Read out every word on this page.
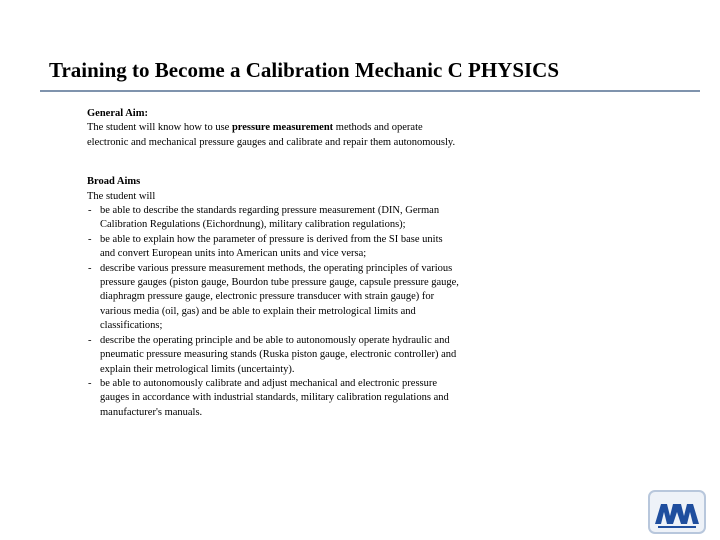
Training to Become a Calibration Mechanic C PHYSICS
General Aim:
The student will know how to use pressure measurement methods and operate
electronic and mechanical pressure gauges and calibrate and repair them autonomously.
Broad Aims
The student will
- be able to describe the standards regarding pressure measurement (DIN, German
Calibration Regulations (Eichordnung), military calibration regulations);
- be able to explain how the parameter of pressure is derived from the SI base units
and convert European units into American units and vice versa;
- describe various pressure measurement methods, the operating principles of various
pressure gauges (piston gauge, Bourdon tube pressure gauge, capsule pressure gauge,
diaphragm pressure gauge, electronic pressure transducer with strain gauge) for
various media (oil, gas) and be able to explain their metrological limits and
classifications;
- describe the operating principle and be able to autonomously operate hydraulic and
pneumatic pressure measuring stands (Ruska piston gauge, electronic controller) and
explain their metrological limits (uncertainty).
- be able to autonomously calibrate and adjust mechanical and electronic pressure
gauges in accordance with industrial standards, military calibration regulations and
manufacturer's manuals.
